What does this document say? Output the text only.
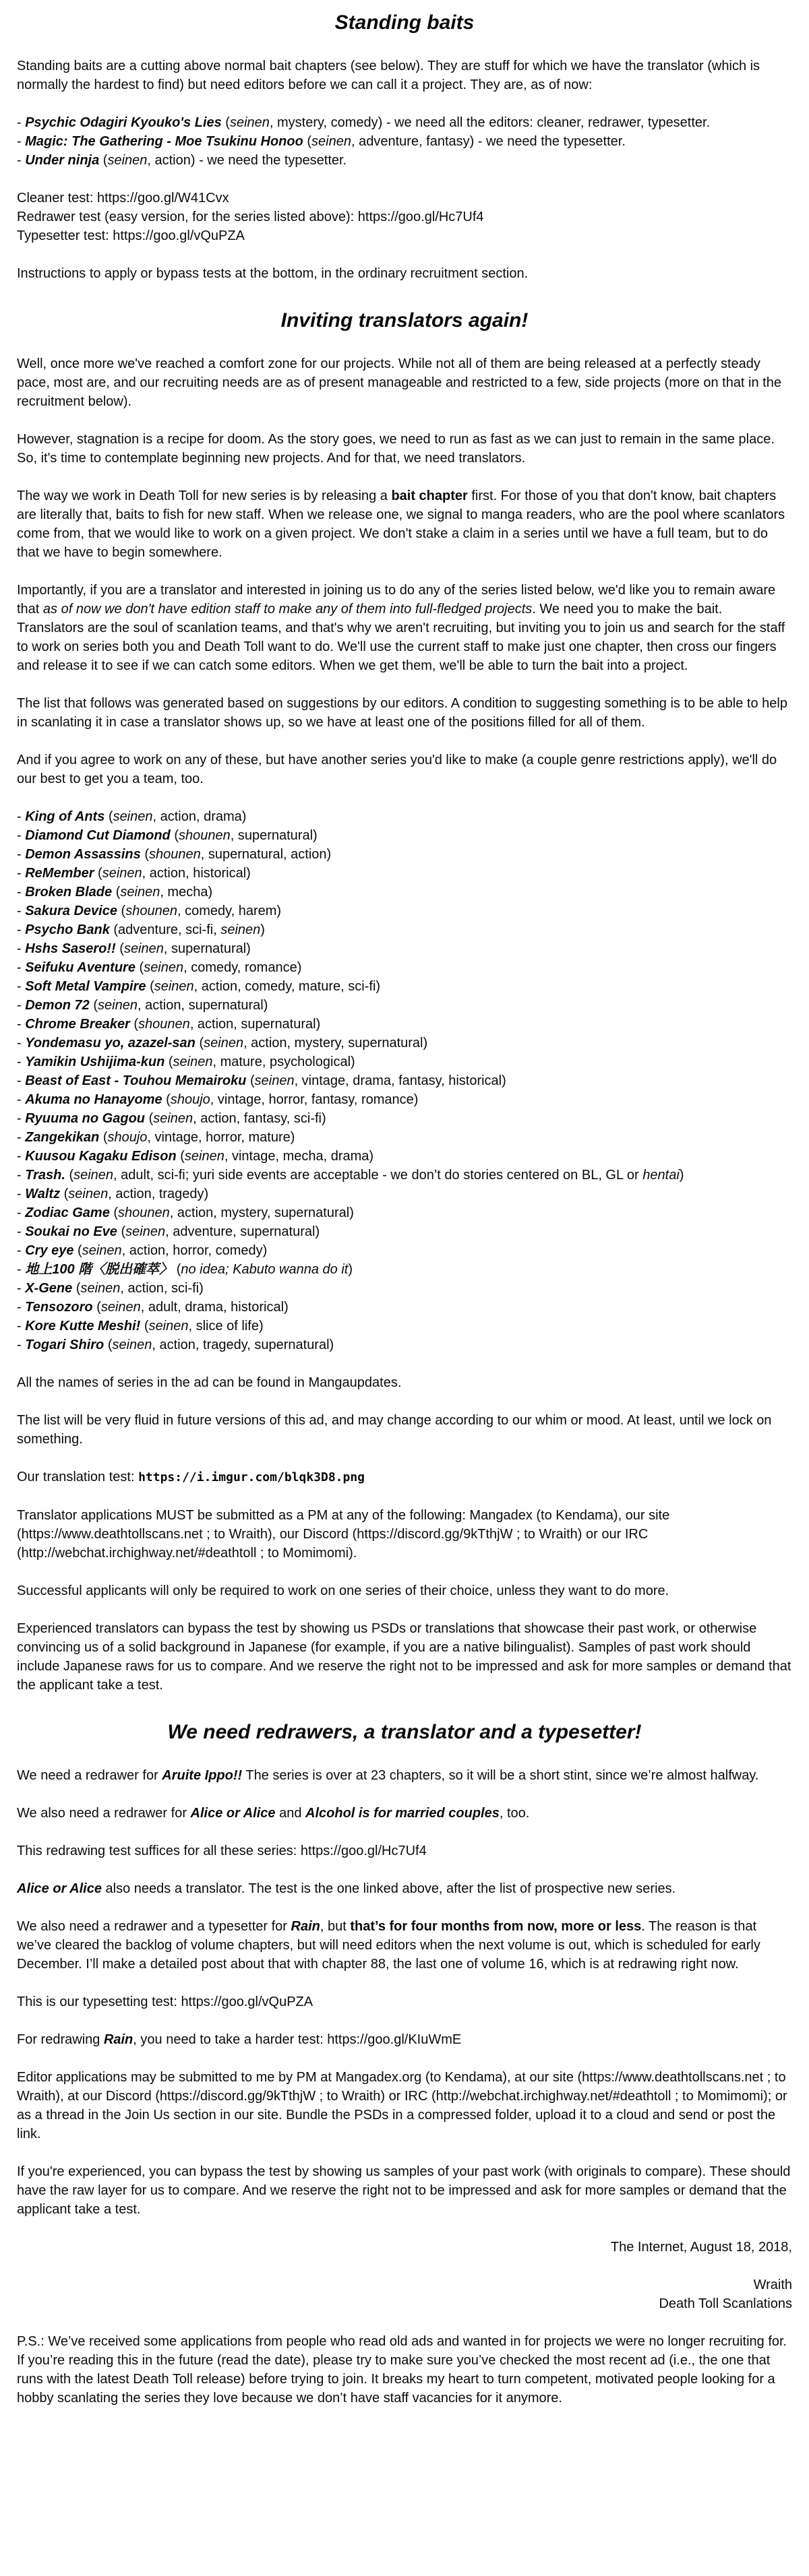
Standing baits

Standing baits are a cutting above normal bait chapters (see below). They are stuff for which we have the translator (which is normally the hardest to find) but need editors before we can call it a project. They are, as of now:

- Psychic Odagiri Kyouko's Lies (seinen, mystery, comedy) - we need all the editors: cleaner, redrawer, typesetter.
- Magic: The Gathering - Moe Tsukinu Honoo (seinen, adventure, fantasy) - we need the typesetter.
- Under ninja (seinen, action) - we need the typesetter.
Cleaner test: https://goo.gl/W41Cvx
Redrawer test (easy version, for the series listed above): https://goo.gl/Hc7Uf4
Typesetter test: https://goo.gl/vQuPZA

Instructions to apply or bypass tests at the bottom, in the ordinary recruitment section.

Inviting translators again!
Well, once more we've reached a comfort zone for our projects. While not all of them are being released at a perfectly steady pace, most are, and our recruiting needs are as of present manageable and restricted to a few, side projects (more on that in the recruitment below).
However, stagnation is a recipe for doom. As the story goes, we need to run as fast as we can just to remain in the same place. So, it's time to contemplate beginning new projects. And for that, we need translators.
The way we work in Death Toll for new series is by releasing a bait chapter first. For those of you that don't know, bait chapters are literally that, baits to fish for new staff. When we release one, we signal to manga readers, who are the pool where scanlators come from, that we would like to work on a given project. We don't stake a claim in a series until we have a full team, but to do that we have to begin somewhere.
Importantly, if you are a translator and interested in joining us to do any of the series listed below, we'd like you to remain aware that as of now we don't have edition staff to make any of them into full-fledged projects. We need you to make the bait. Translators are the soul of scanlation teams, and that's why we aren't recruiting, but inviting you to join us and search for the staff to work on series both you and Death Toll want to do. We'll use the current staff to make just one chapter, then cross our fingers and release it to see if we can catch some editors. When we get them, we'll be able to turn the bait into a project.
The list that follows was generated based on suggestions by our editors. A condition to suggesting something is to be able to help in scanlating it in case a translator shows up, so we have at least one of the positions filled for all of them.
And if you agree to work on any of these, but have another series you'd like to make (a couple genre restrictions apply), we'll do our best to get you a team, too.
- King of Ants (seinen, action, drama)
- Diamond Cut Diamond (shounen, supernatural)
- Demon Assassins (shounen, supernatural, action)
- ReMember (seinen, action, historical)
- Broken Blade (seinen, mecha)
- Sakura Device (shounen, comedy, harem)
- Psycho Bank (adventure, sci-fi, seinen)
- Hshs Sasero!! (seinen, supernatural)
- Seifuku Aventure (seinen, comedy, romance)
- Soft Metal Vampire (seinen, action, comedy, mature, sci-fi)
- Demon 72 (seinen, action, supernatural)
- Chrome Breaker (shounen, action, supernatural)
- Yondemasu yo, azazel-san (seinen, action, mystery, supernatural)
- Yamikin Ushijima-kun (seinen, mature, psychological)
- Beast of East - Touhou Memairoku (seinen, vintage, drama, fantasy, historical)
- Akuma no Hanayome (shoujo, vintage, horror, fantasy, romance)
- Ryuuma no Gagou (seinen, action, fantasy, sci-fi)
- Zangekikan (shoujo, vintage, horror, mature)
- Kuusou Kagaku Edison (seinen, vintage, mecha, drama)
- Trash. (seinen, adult, sci-fi; yuri side events are acceptable - we don’t do stories centered on BL, GL or hentai)
- Waltz (seinen, action, tragedy)
- Zodiac Game (shounen, action, mystery, supernatural)
- Soukai no Eve (seinen, adventure, supernatural)
- Cry eye (seinen, action, horror, comedy)
- 地上100 階〈脱出確萃〉 (no idea; Kabuto wanna do it)
- X-Gene (seinen, action, sci-fi)
- Tensozoro (seinen, adult, drama, historical)
- Kore Kutte Meshi! (seinen, slice of life)
- Togari Shiro (seinen, action, tragedy, supernatural)
All the names of series in the ad can be found in Mangaupdates.
The list will be very fluid in future versions of this ad, and may change according to our whim or mood. At least, until we lock on something.
Our translation test: https://i.imgur.com/blqk3D8.png
Translator applications MUST be submitted as a PM at any of the following: Mangadex (to Kendama), our site (https://www.deathtollscans.net ; to Wraith), our Discord (https://discord.gg/9kTthjW ; to Wraith) or our IRC (http://webchat.irchighway.net/#deathtoll ; to Momimomi).
Successful applicants will only be required to work on one series of their choice, unless they want to do more.
Experienced translators can bypass the test by showing us PSDs or translations that showcase their past work, or otherwise convincing us of a solid background in Japanese (for example, if you are a native bilingualist). Samples of past work should include Japanese raws for us to compare. And we reserve the right not to be impressed and ask for more samples or demand that the applicant take a test.
We need redrawers, a translator and a typesetter!
We need a redrawer for Aruite Ippo!! The series is over at 23 chapters, so it will be a short stint, since we’re almost halfway.
We also need a redrawer for Alice or Alice and Alcohol is for married couples, too.
This redrawing test suffices for all these series: https://goo.gl/Hc7Uf4
Alice or Alice also needs a translator. The test is the one linked above, after the list of prospective new series.
We also need a redrawer and a typesetter for Rain, but that’s for four months from now, more or less. The reason is that we’ve cleared the backlog of volume chapters, but will need editors when the next volume is out, which is scheduled for early December. I’ll make a detailed post about that with chapter 88, the last one of volume 16, which is at redrawing right now.
This is our typesetting test: https://goo.gl/vQuPZA
For redrawing Rain, you need to take a harder test: https://goo.gl/KIuWmE
Editor applications may be submitted to me by PM at Mangadex.org (to Kendama), at our site (https://www.deathtollscans.net ; to Wraith), at our Discord (https://discord.gg/9kTthjW ; to Wraith) or IRC (http://webchat.irchighway.net/#deathtoll ; to Momimomi); or as a thread in the Join Us section in our site. Bundle the PSDs in a compressed folder, upload it to a cloud and send or post the link.
If you're experienced, you can bypass the test by showing us samples of your past work (with originals to compare). These should have the raw layer for us to compare. And we reserve the right not to be impressed and ask for more samples or demand that the applicant take a test.
The Internet, August 18, 2018,
Wraith
Death Toll Scanlations

P.S.: We’ve received some applications from people who read old ads and wanted in for projects we were no longer recruiting for. If you’re reading this in the future (read the date), please try to make sure you’ve checked the most recent ad (i.e., the one that runs with the latest Death Toll release) before trying to join. It breaks my heart to turn competent, motivated people looking for a hobby scanlating the series they love because we don’t have staff vacancies for it anymore.
